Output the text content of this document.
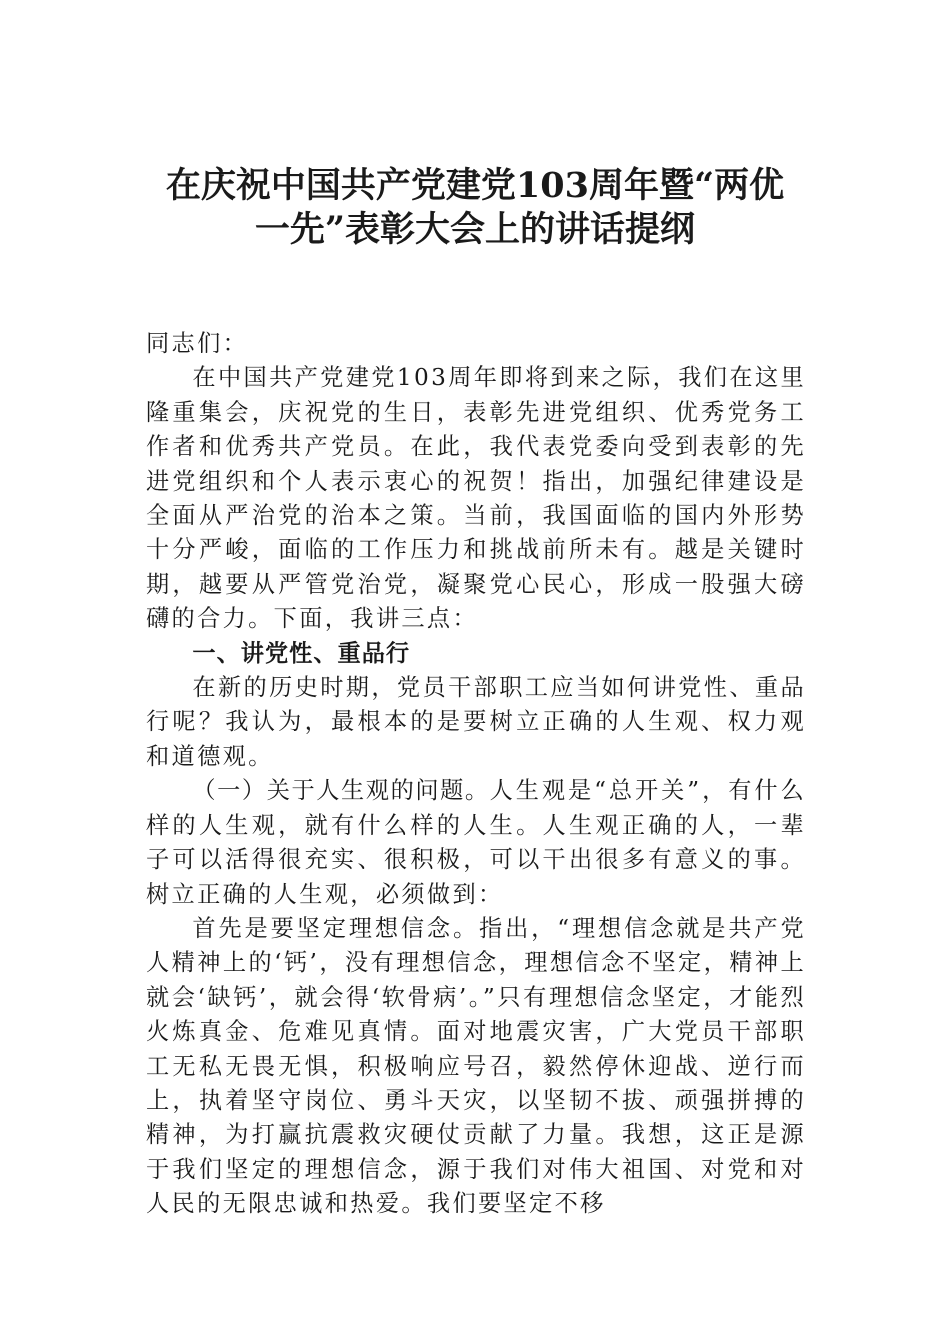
在庆祝中国共产党建党103周年暨“两优
一先”表彰大会上的讲话提纲

同志们：

在中国共产党建党103周年即将到来之际，我们在这里隆重集会，庆祝党的生日，表彰先进党组织、优秀党务工作者和优秀共产党员。在此，我代表党委向受到表彰的先进党组织和个人表示衷心的祝贺！指出，加强纪律建设是全面从严治党的治本之策。当前，我国面临的国内外形势十分严峻，面临的工作压力和挑战前所未有。越是关键时期，越要从严管党治党，凝聚党心民心，形成一股强大磅礴的合力。下面，我讲三点：

一、讲党性、重品行

在新的历史时期，党员干部职工应当如何讲党性、重品行呢？我认为，最根本的是要树立正确的人生观、权力观和道德观。

（一）关于人生观的问题。人生观是“总开关”，有什么样的人生观，就有什么样的人生。人生观正确的人，一辈子可以活得很充实、很积极，可以干出很多有意义的事。树立正确的人生观，必须做到：

首先是要坚定理想信念。指出，“理想信念就是共产党人精神上的‘钙’，没有理想信念，理想信念不坚定，精神上就会‘缺钙’，就会得‘软骨病’。”只有理想信念坚定，才能烈火炼真金、危难见真情。面对地震灾害，广大党员干部职工无私无畏无惧，积极响应号召，毅然停休迎战、逆行而上，执着坚守岗位、勇斗天灾，以坚韧不拔、顽强拼搏的精神，为打赢抗震救灾硬仗贡献了力量。我想，这正是源于我们坚定的理想信念，源于我们对伟大祖国、对党和对人民的无限忠诚和热爱。我们要坚定不移
